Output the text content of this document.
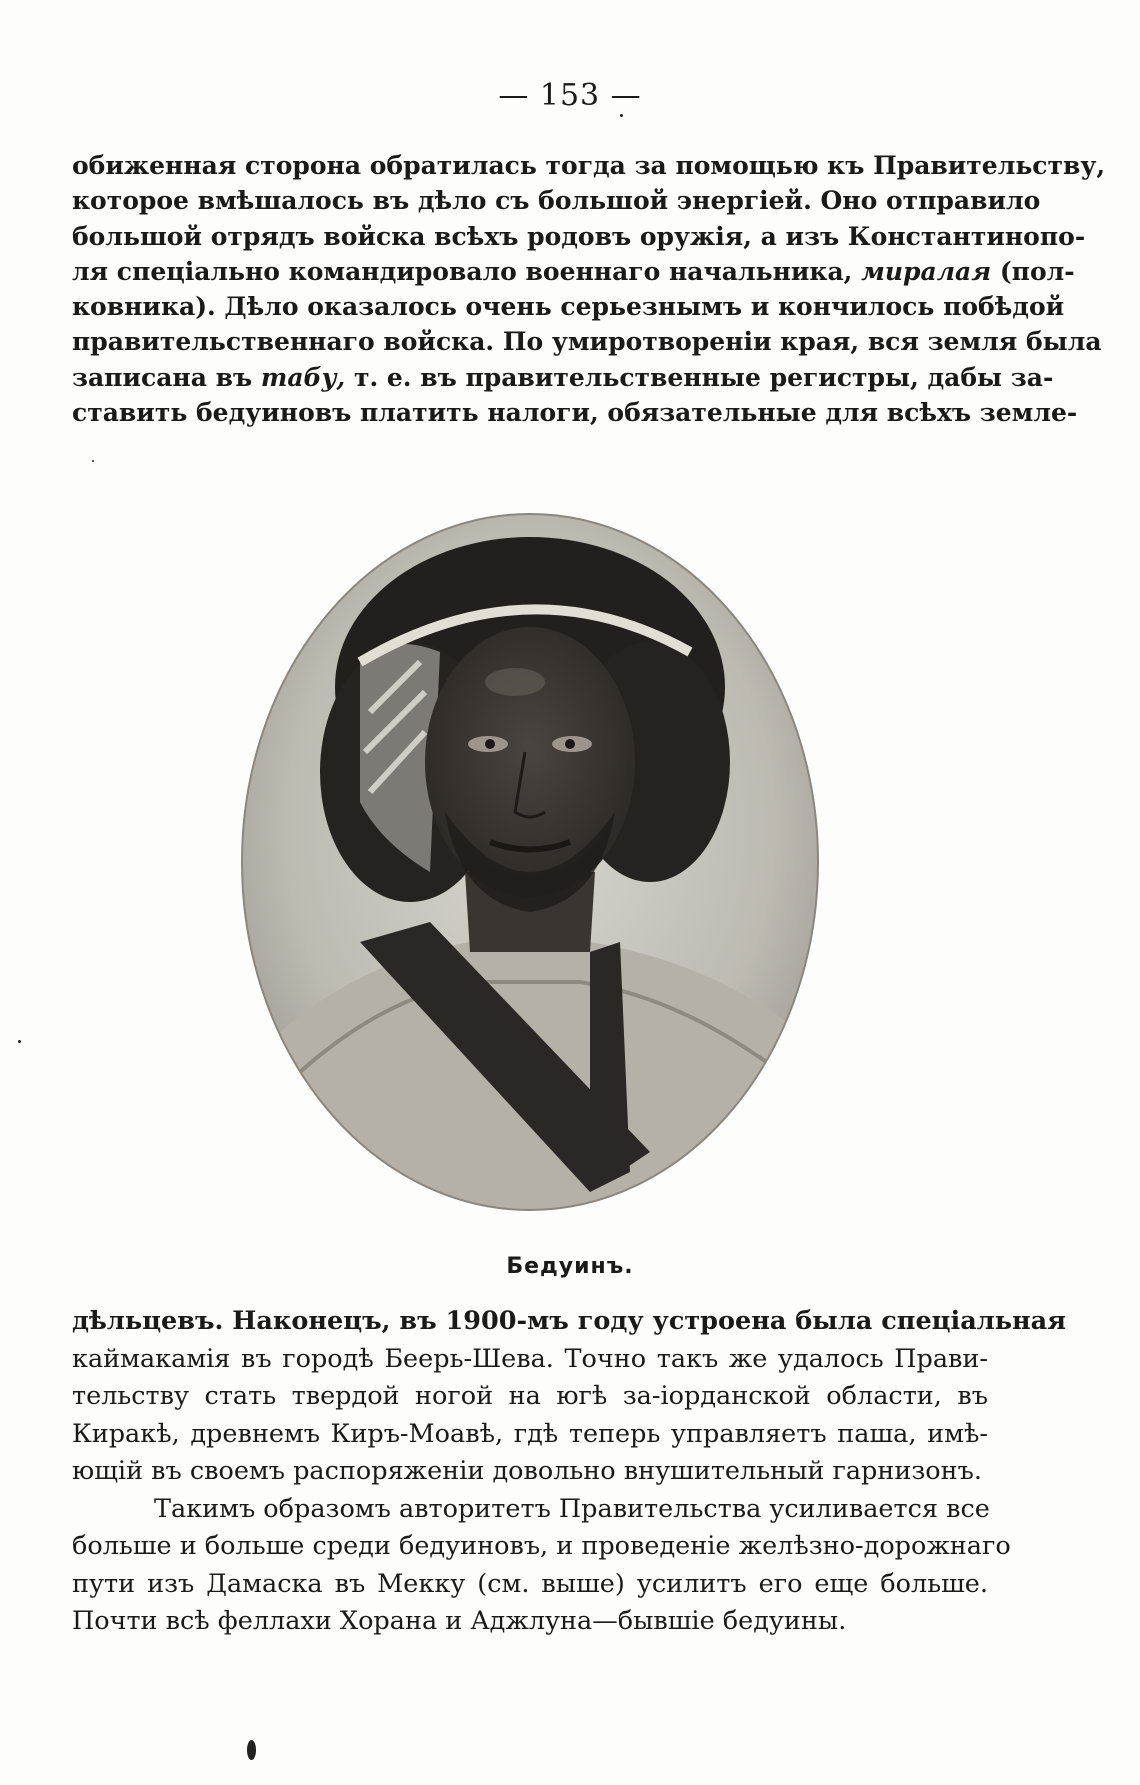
— 153 —
обиженная сторона обратилась тогда за помощью къ Правительству,
которое вмѣшалось въ дѣло съ большой энергіей. Оно отправило
большой отрядъ войска всѣхъ родовъ оружія, а изъ Константинопо-
ля спеціально командировало военнаго начальника, миралая (пол-
ковника). Дѣло оказалось очень серьезнымъ и кончилось побѣдой
правительственнаго войска. По умиротвореніи края, вся земля была
записана въ табу, т. е. въ правительственные регистры, дабы за-
ставить бедуиновъ платить налоги, обязательные для всѣхъ земле-
Бедуинъ.
дѣльцевъ. Наконецъ, въ 1900-мъ году устроена была спеціальная
каймакамія въ городѣ Беерь-Шева. Точно такъ же удалось Прави-
тельству стать твердой ногой на югѣ за-іорданской области, въ
Киракѣ, древнемъ Киръ-Моавѣ, гдѣ теперь управляетъ паша, имѣ-
ющій въ своемъ распоряженіи довольно внушительный гарнизонъ.
Такимъ образомъ авторитетъ Правительства усиливается все
больше и больше среди бедуиновъ, и проведеніе желѣзно-дорожнаго
пути изъ Дамаска въ Мекку (см. выше) усилитъ его еще больше.
Почти всѣ феллахи Хорана и Аджлуна—бывшіе бедуины.
